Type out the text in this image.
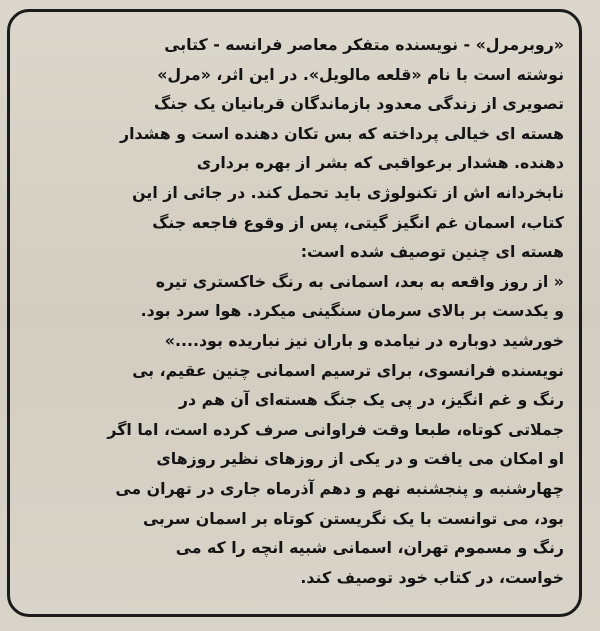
«روبرمرل» - نویسنده متفکر معاصر فرانسه - کتابی
نوشته است با نام «قلعه مالویل». در این اثر، «مرل»
تصویری از زندگی معدود بازماندگان قربانیان یک جنگ
هسته ای خیالی پرداخته که بس تکان دهنده است و هشدار
دهنده. هشدار برعواقبی که بشر از بهره برداری
نابخردانه اش از تکنولوژی باید تحمل کند. در جائی از این
کتاب، اسمان غم انگیز گیتی، پس از وقوع فاجعه جنگ
هسته ای چنین توصیف شده است:
« از روز واقعه به بعد، اسمانی به رنگ خاکستری تیره
و یکدست بر بالای سرمان سنگینی میکرد. هوا سرد بود.
خورشید دوباره در نیامده و باران نیز نباریده بود....»
نویسنده فرانسوی، برای ترسیم اسمانی چنین عقیم، بی
رنگ و غم انگیز، در پی یک جنگ هسته‌ای آن هم در
جملاتی کوتاه، طبعا وقت فراوانی صرف کرده است، اما اگر
او امکان می یافت و در یکی از روزهای نظیر روزهای
چهارشنبه و پنجشنبه نهم و دهم آذرماه جاری در تهران می
بود، می توانست با یک نگریستن کوتاه بر اسمان سربی
رنگ و مسموم تهران، اسمانی شبیه انچه را که می
خواست، در کتاب خود توصیف کند.
